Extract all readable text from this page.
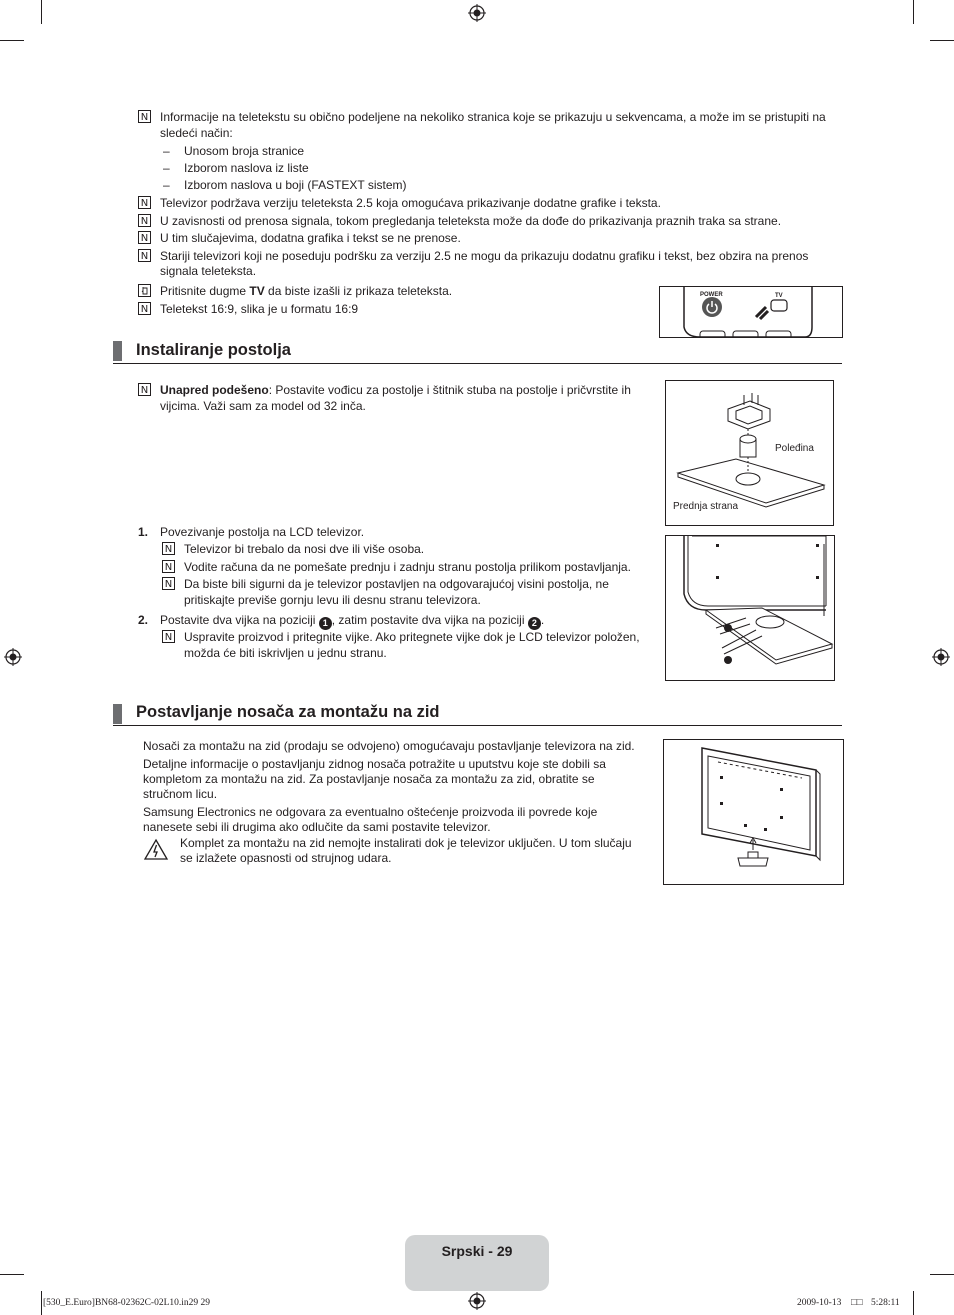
N Informacije na teletekstu su obično podeljene na nekoliko stranica koje se prikazuju u sekvencama, a može im se pristupiti na
sledeći način:
– Unosom broja stranice
– Izborom naslova iz liste
– Izborom naslova u boji (FASTEXT sistem)
N Televizor podržava verziju teleteksta 2.5 koja omogućava prikazivanje dodatne grafike i teksta.
N U zavisnosti od prenosa signala, tokom pregledanja teleteksta može da dođe do prikazivanja praznih traka sa strane.
N U tim slučajevima, dodatna grafika i tekst se ne prenose.
N Stariji televizori koji ne poseduju podršku za verziju 2.5 ne mogu da prikazuju dodatnu grafiku i tekst, bez obzira na prenos
signala teleteksta.
Pritisnite dugme TV da biste izašli iz prikaza teleteksta.
N Teletekst 16:9, slika je u formatu 16:9
POWER	TV
Instaliranje postolja
N Unapred podešeno: Postavite vođicu za postolje i štitnik stuba na postolje i pričvrstite ih
vijcima. Važi sam za model od 32 inča.
Poleđina
Prednja strana
1. Povezivanje postolja na LCD televizor.
N Televizor bi trebalo da nosi dve ili više osoba.
N Vodite računa da ne pomešate prednju i zadnju stranu postolja prilikom postavljanja.
N Da biste bili sigurni da je televizor postavljen na odgovarajućoj visini postolja, ne
pritiskajte previše gornju levu ili desnu stranu televizora.
2. Postavite dva vijka na poziciji 1 , zatim postavite dva vijka na poziciji 2 .
N Uspravite proizvod i pritegnite vijke. Ako pritegnete vijke dok je LCD televizor položen,
možda će biti iskrivljen u jednu stranu.
Postavljanje nosača za montažu na zid
Nosači za montažu na zid (prodaju se odvojeno) omogućavaju postavljanje televizora na zid.
Detaljne informacije o postavljanju zidnog nosača potražite u uputstvu koje ste dobili sa
kompletom za montažu na zid. Za postavljanje nosača za montažu za zid, obratite se
stručnom licu.
Samsung Electronics ne odgovara za eventualno oštećenje proizvoda ili povrede koje
nanesete sebi ili drugima ako odlučite da sami postavite televizor.
Komplet za montažu na zid nemojte instalirati dok je televizor uključen. U tom slučaju
se izlažete opasnosti od strujnog udara.
Srpski - 29
[530_E.Euro]BN68-02362C-02L10.in29 29	2009-10-13 □□ 5:28:11
